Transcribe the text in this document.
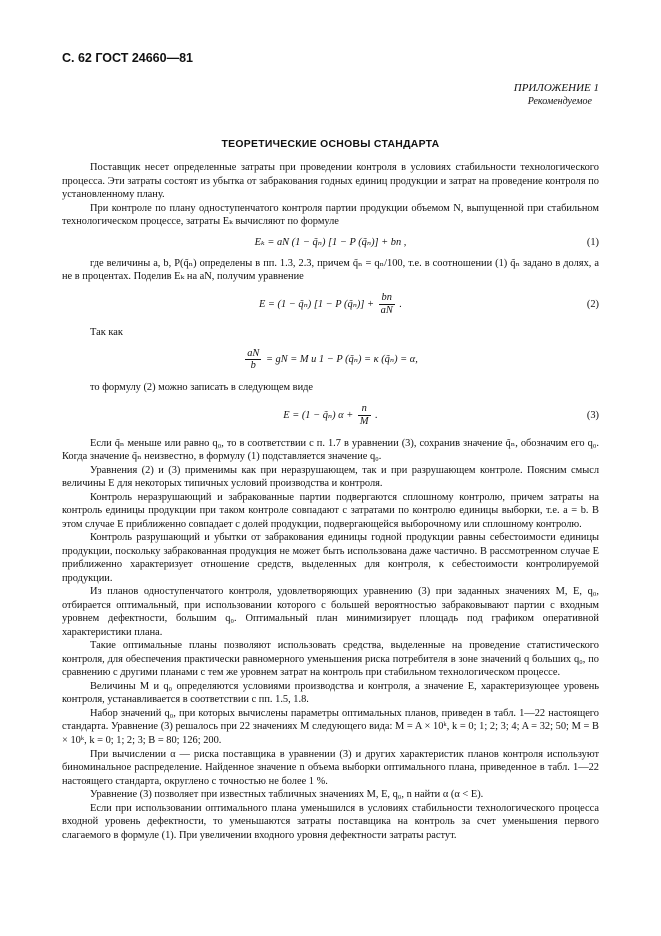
С. 62 ГОСТ 24660—81
ПРИЛОЖЕНИЕ 1
Рекомендуемое
ТЕОРЕТИЧЕСКИЕ ОСНОВЫ СТАНДАРТА

Поставщик несет определенные затраты при проведении контроля в условиях стабильности технологического процесса. Эти затраты состоят из убытка от забракования годных единиц продукции и затрат на проведение контроля по установленному плану.

При контроле по плану одноступенчатого контроля партии продукции объемом N, выпущенной при стабильном технологическом процессе, затраты Eₖ вычисляют по формуле

Eₖ = aN (1 − q̃ₙ) [1 − P (q̃ₙ)] + bn ,	(1)

где величины a, b, P(q̃ₙ) определены в пп. 1.3, 2.3, причем q̃ₙ = qₙ/100, т.е. в соотношении (1) q̃ₙ задано в долях, а не в процентах. Поделив Eₖ на aN, получим уравнение

E = (1 − q̃ₙ) [1 − P (q̃ₙ)] + $\frac{bn}{aN}$ .	(2)

Так как

$\frac{aN}{b}$ = gN = M и 1 − P (q̃ₙ) = κ (q̃ₙ) = α,

то формулу (2) можно записать в следующем виде

E = (1 − q̃ₙ) $\alpha + \frac{n}{M}$ .	(3)

Если q̃ₙ меньше или равно q₀, то в соответствии с п. 1.7 в уравнении (3), сохранив значение q̃ₙ, обозначим его q₀. Когда значение q̃ₙ неизвестно, в формулу (1) подставляется значение q₀.

Уравнения (2) и (3) применимы как при неразрушающем, так и при разрушающем контроле. Поясним смысл величины E для некоторых типичных условий производства и контроля.

Контроль неразрушающий и забракованные партии подвергаются сплошному контролю, причем затраты на контроль единицы продукции при таком контроле совпадают с затратами по контролю единицы выборки, т.е. a = b. В этом случае E приближенно совпадает с долей продукции, подвергающейся выборочному или сплошному контролю.

Контроль разрушающий и убытки от забракования единицы годной продукции равны себестоимости единицы продукции, поскольку забракованная продукция не может быть использована даже частично. В рассмотренном случае E приближенно характеризует отношение средств, выделенных для контроля, к себестоимости контролируемой продукции.

Из планов одноступенчатого контроля, удовлетворяющих уравнению (3) при заданных значениях M, E, q₀, отбирается оптимальный, при использовании которого с большей вероятностью забраковывают партии с входным уровнем дефектности, большим q₀. Оптимальный план минимизирует площадь под графиком оперативной характеристики плана.

Такие оптимальные планы позволяют использовать средства, выделенные на проведение статистического контроля, для обеспечения практически равномерного уменьшения риска потребителя в зоне значений q больших q₀, по сравнению с другими планами с тем же уровнем затрат на контроль при стабильном технологическом процессе.

Величины M и q₀ определяются условиями производства и контроля, а значение E, характеризующее уровень контроля, устанавливается в соответствии с пп. 1.5, 1.8.

Набор значений q₀, при которых вычислены параметры оптимальных планов, приведен в табл. 1—22 настоящего стандарта. Уравнение (3) решалось при 22 значениях M следующего вида: M = A × 10ᵏ, k = 0; 1; 2; 3; 4; A = 32; 50; M = B × 10ᵏ, k = 0; 1; 2; 3; B = 80; 126; 200.

При вычислении α — риска поставщика в уравнении (3) и других характеристик планов контроля используют биноминальное распределение. Найденное значение n объема выборки оптимального плана, приведенное в табл. 1—22 настоящего стандарта, округлено с точностью не более 1 %.

Уравнение (3) позволяет при известных табличных значениях M, E, q₀, n найти α (α < E).

Если при использовании оптимального плана уменьшился в условиях стабильности технологического процесса входной уровень дефектности, то уменьшаются затраты поставщика на контроль за счет уменьшения первого слагаемого в формуле (1). При увеличении входного уровня дефектности затраты растут.
